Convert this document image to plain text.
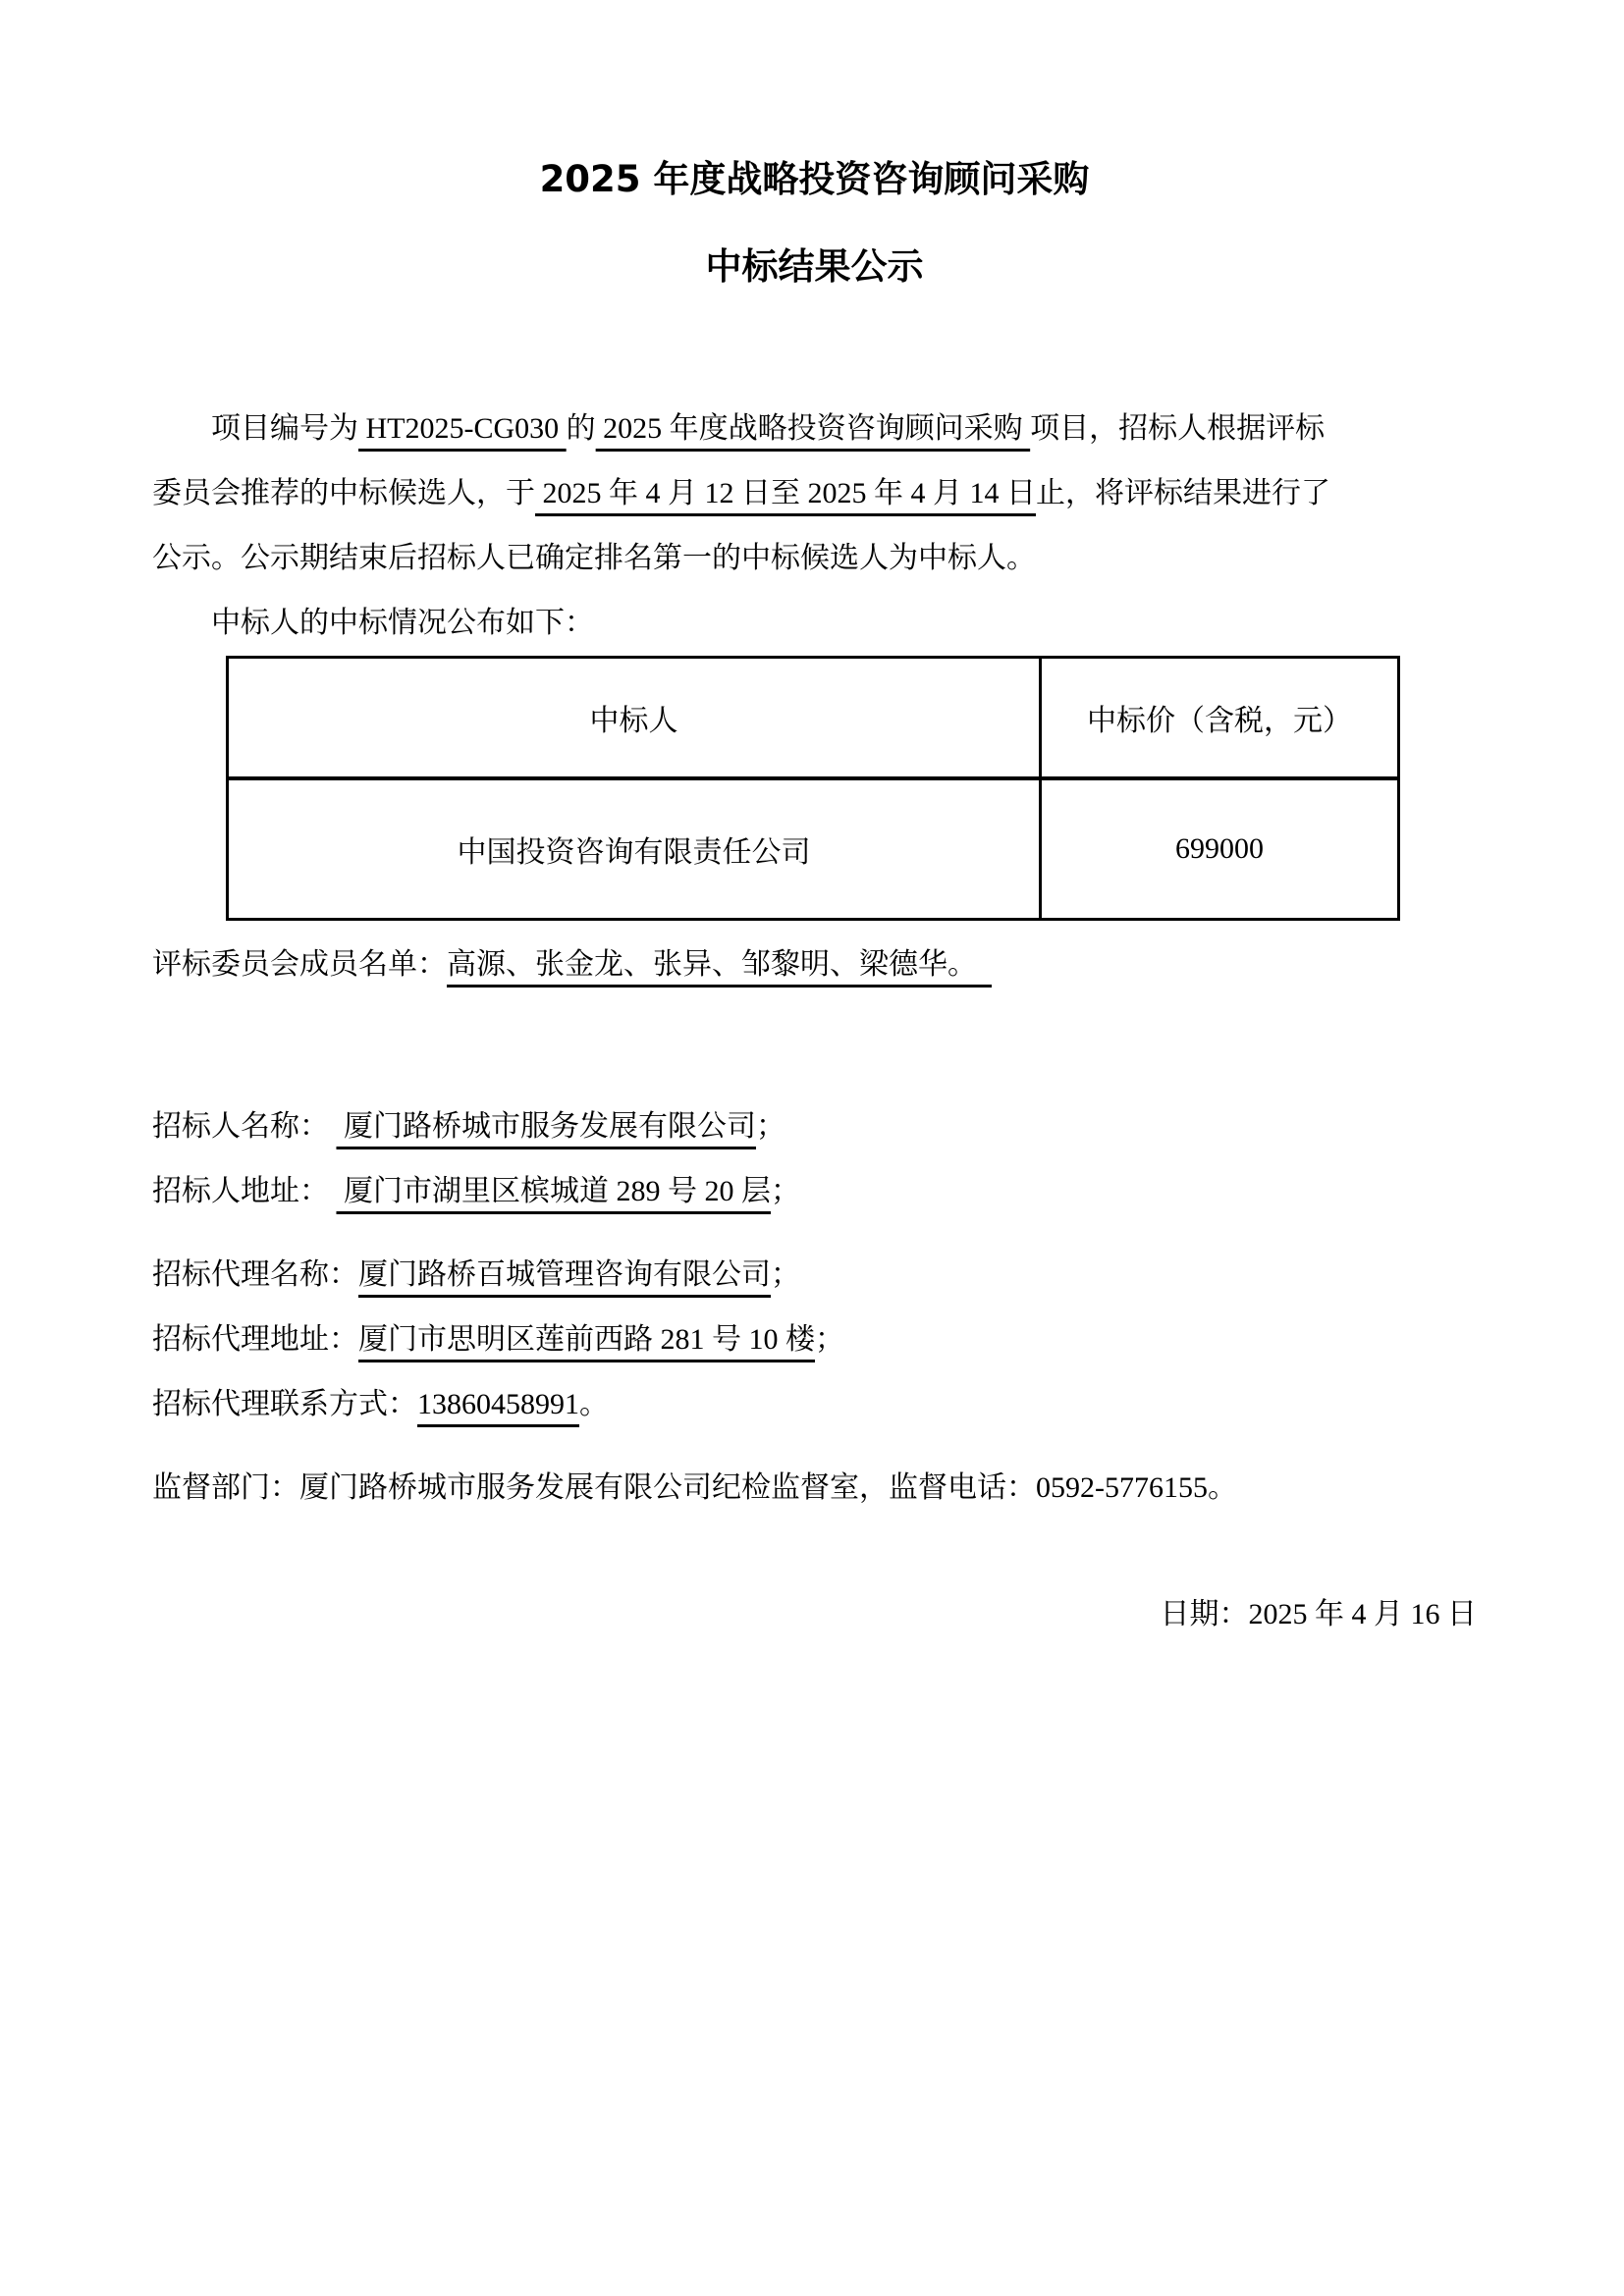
2025 年度战略投资咨询顾问采购
中标结果公示
项目编号为 HT2025-CG030 的 2025 年度战略投资咨询顾问采购 项目，招标人根据评标
委员会推荐的中标候选人，于 2025 年 4 月 12 日至 2025 年 4 月 14 日止，将评标结果进行了
公示。公示期结束后招标人已确定排名第一的中标候选人为中标人。
中标人的中标情况公布如下：
中标人	中标价（含税，元）
中国投资咨询有限责任公司	699000
评标委员会成员名单：高源、张金龙、张异、邹黎明、梁德华。
招标人名称：  厦门路桥城市服务发展有限公司；
招标人地址：  厦门市湖里区槟城道 289 号 20 层；
招标代理名称：厦门路桥百城管理咨询有限公司；
招标代理地址：厦门市思明区莲前西路 281 号 10 楼；
招标代理联系方式：13860458991。
监督部门：厦门路桥城市服务发展有限公司纪检监督室，监督电话：0592-5776155。
日期：2025 年 4 月 16 日
